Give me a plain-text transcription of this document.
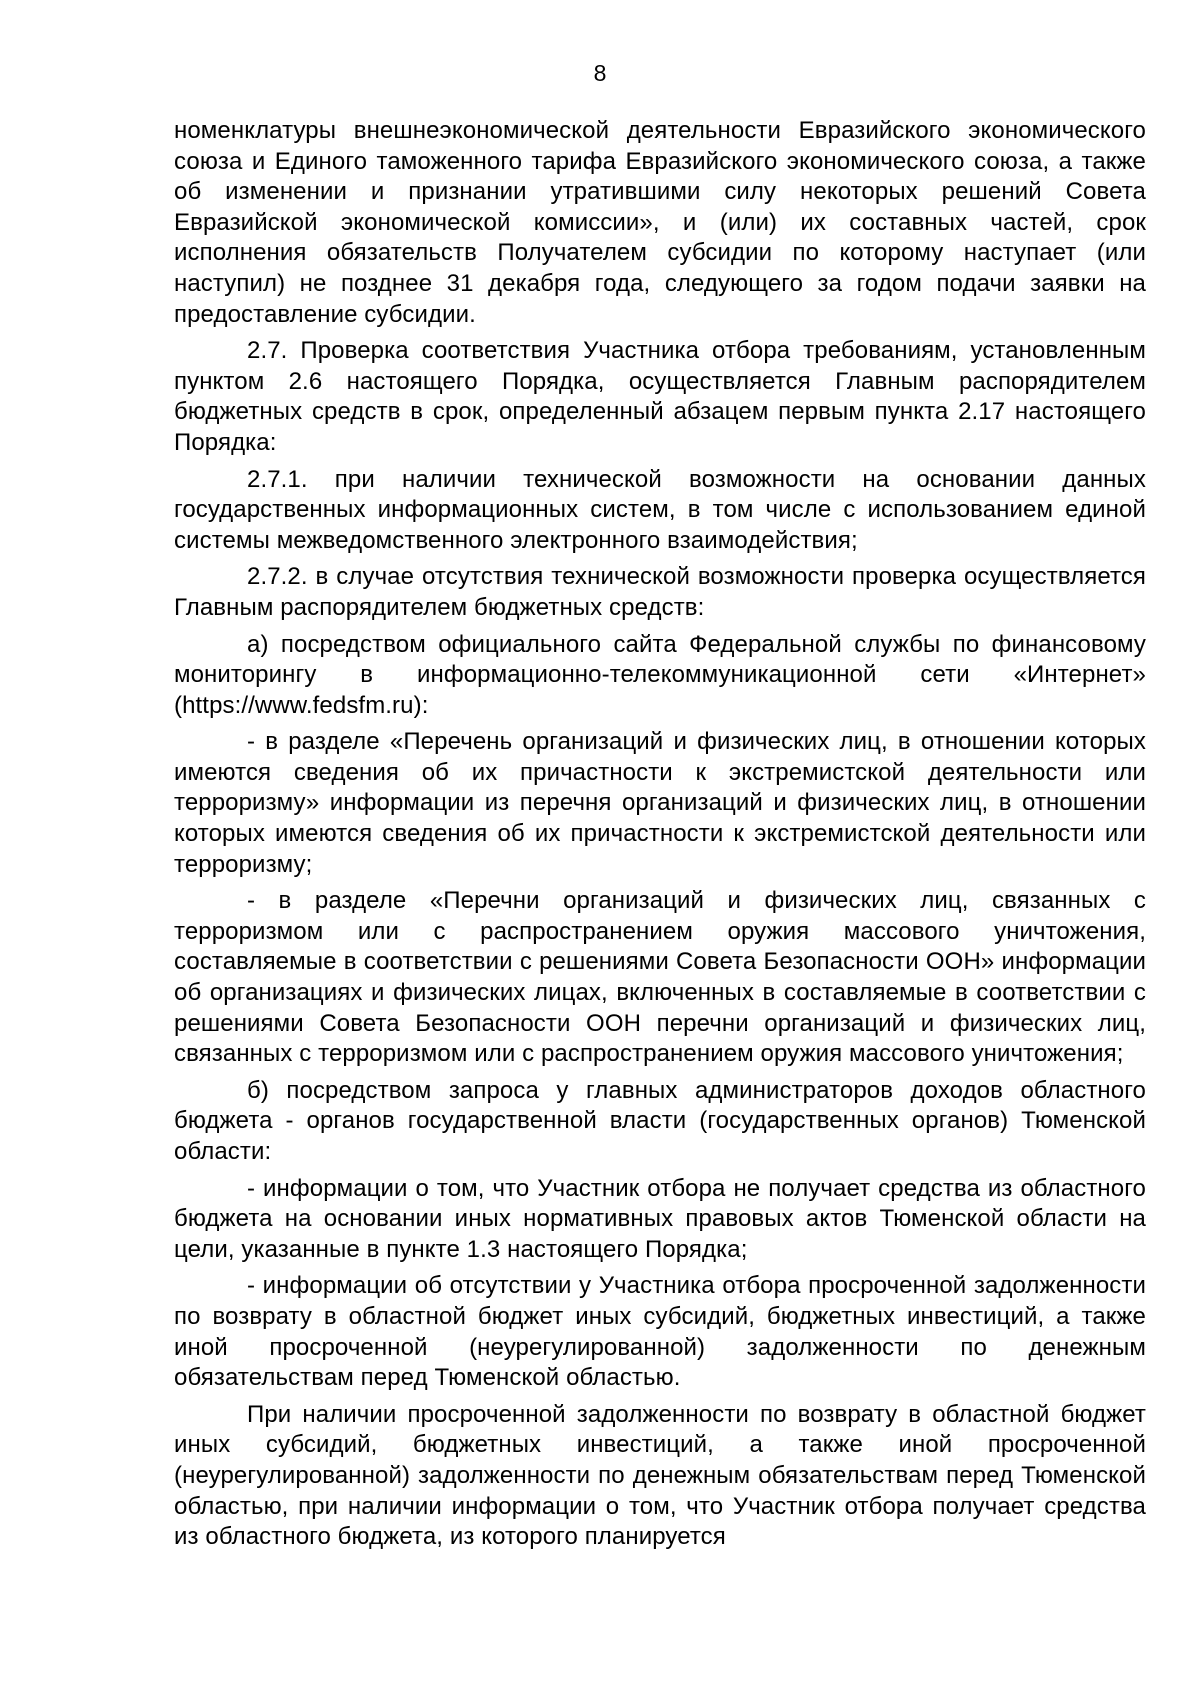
8

номенклатуры внешнеэкономической деятельности Евразийского экономического союза и Единого таможенного тарифа Евразийского экономического союза, а также об изменении и признании утратившими силу некоторых решений Совета Евразийской экономической комиссии», и (или) их составных частей, срок исполнения обязательств Получателем субсидии по которому наступает (или наступил) не позднее 31 декабря года, следующего за годом подачи заявки на предоставление субсидии.

2.7. Проверка соответствия Участника отбора требованиям, установленным пунктом 2.6 настоящего Порядка, осуществляется Главным распорядителем бюджетных средств в срок, определенный абзацем первым пункта 2.17 настоящего Порядка:

2.7.1. при наличии технической возможности на основании данных государственных информационных систем, в том числе с использованием единой системы межведомственного электронного взаимодействия;

2.7.2. в случае отсутствия технической возможности проверка осуществляется Главным распорядителем бюджетных средств:

а) посредством официального сайта Федеральной службы по финансовому мониторингу в информационно-телекоммуникационной сети «Интернет» (https://www.fedsfm.ru):

- в разделе «Перечень организаций и физических лиц, в отношении которых имеются сведения об их причастности к экстремистской деятельности или терроризму» информации из перечня организаций и физических лиц, в отношении которых имеются сведения об их причастности к экстремистской деятельности или терроризму;

- в разделе «Перечни организаций и физических лиц, связанных с терроризмом или с распространением оружия массового уничтожения, составляемые в соответствии с решениями Совета Безопасности ООН» информации об организациях и физических лицах, включенных в составляемые в соответствии с решениями Совета Безопасности ООН перечни организаций и физических лиц, связанных с терроризмом или с распространением оружия массового уничтожения;

б) посредством запроса у главных администраторов доходов областного бюджета - органов государственной власти (государственных органов) Тюменской области:

- информации о том, что Участник отбора не получает средства из областного бюджета на основании иных нормативных правовых актов Тюменской области на цели, указанные в пункте 1.3 настоящего Порядка;

- информации об отсутствии у Участника отбора просроченной задолженности по возврату в областной бюджет иных субсидий, бюджетных инвестиций, а также иной просроченной (неурегулированной) задолженности по денежным обязательствам перед Тюменской областью.

При наличии просроченной задолженности по возврату в областной бюджет иных субсидий, бюджетных инвестиций, а также иной просроченной (неурегулированной) задолженности по денежным обязательствам перед Тюменской областью, при наличии информации о том, что Участник отбора получает средства из областного бюджета, из которого планируется
